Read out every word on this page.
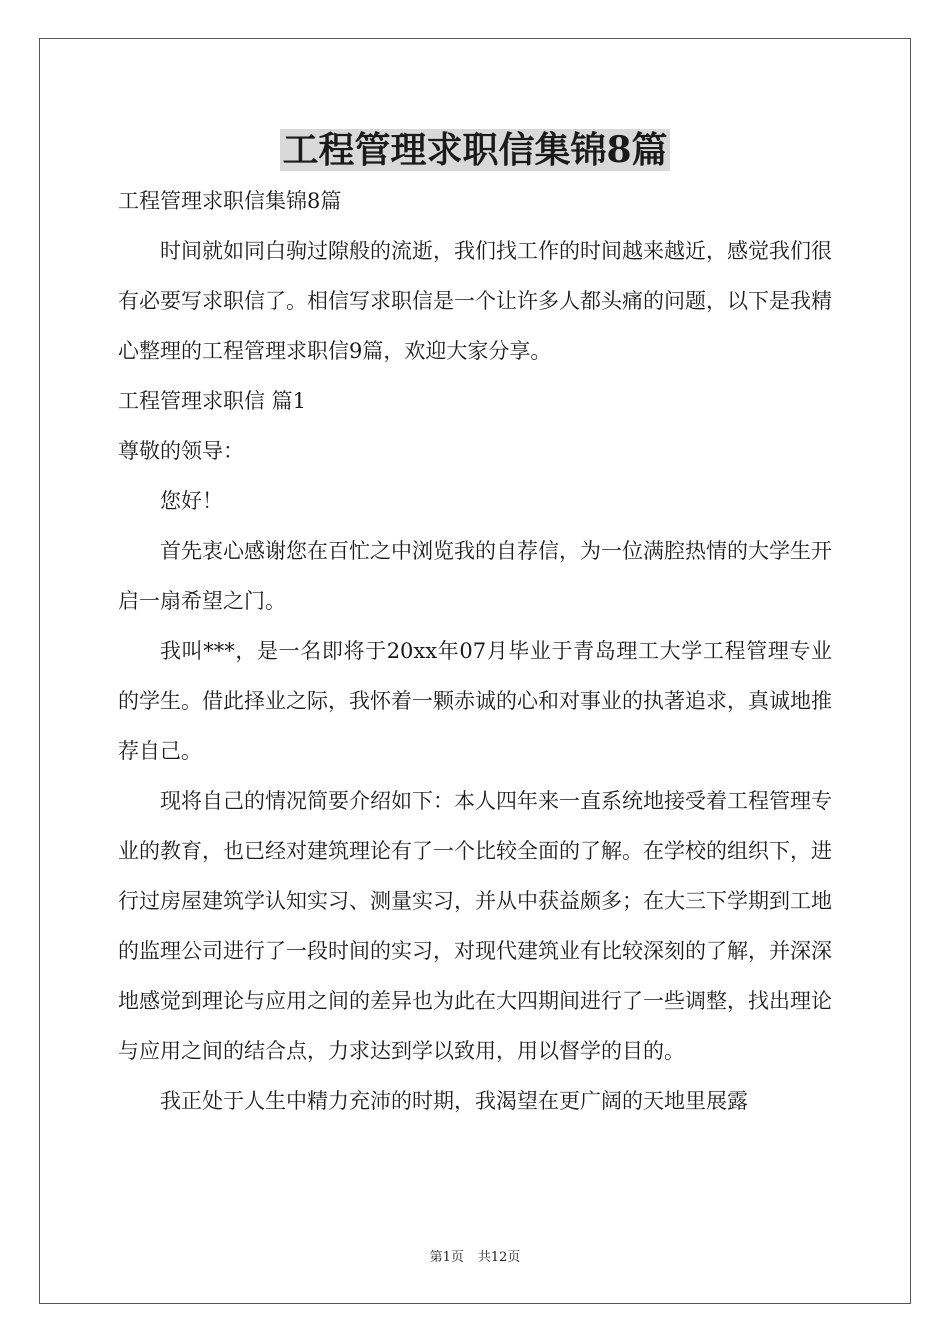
工程管理求职信集锦8篇

工程管理求职信集锦8篇

时间就如同白驹过隙般的流逝，我们找工作的时间越来越近，感觉我们很有必要写求职信了。相信写求职信是一个让许多人都头痛的问题，以下是我精心整理的工程管理求职信9篇，欢迎大家分享。

工程管理求职信 篇1

尊敬的领导：

您好！

首先衷心感谢您在百忙之中浏览我的自荐信，为一位满腔热情的大学生开启一扇希望之门。

我叫***，是一名即将于20xx年07月毕业于青岛理工大学工程管理专业的学生。借此择业之际，我怀着一颗赤诚的心和对事业的执著追求，真诚地推荐自己。

现将自己的情况简要介绍如下：本人四年来一直系统地接受着工程管理专业的教育，也已经对建筑理论有了一个比较全面的了解。在学校的组织下，进行过房屋建筑学认知实习、测量实习，并从中获益颇多；在大三下学期到工地的监理公司进行了一段时间的实习，对现代建筑业有比较深刻的了解，并深深地感觉到理论与应用之间的差异也为此在大四期间进行了一些调整，找出理论与应用之间的结合点，力求达到学以致用，用以督学的目的。

我正处于人生中精力充沛的时期，我渴望在更广阔的天地里展露

第1页 共12页
